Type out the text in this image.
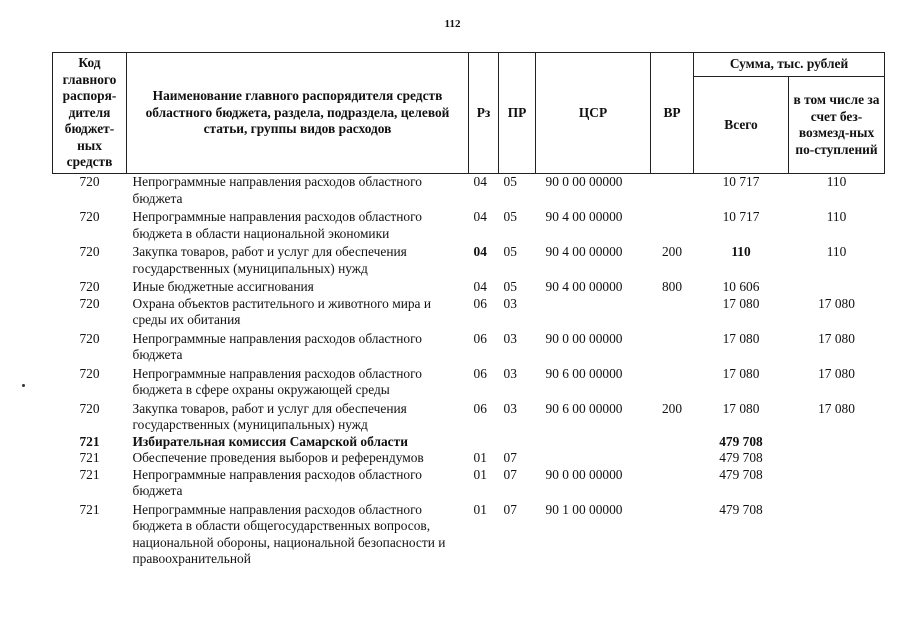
112
Код главного распоря-дителя бюджет-ных средств	Наименование главного распорядителя средств областного бюджета, раздела, подраздела, целевой статьи, группы видов расходов	Рз	ПР	ЦСР	ВР	Сумма, тыс. рублей	
						Всего	в том числе за счет без-возмезд-ных по-ступлений
720	Непрограммные направления расходов областного бюджета	04	05	90 0 00 00000		10 717	110
720	Непрограммные направления расходов областного бюджета в области национальной экономики	04	05	90 4 00 00000		10 717	110
720	Закупка товаров, работ и услуг для обеспечения государственных (муниципальных) нужд	04	05	90 4 00 00000	200	110	110
720	Иные бюджетные ассигнования	04	05	90 4 00 00000	800	10 606	
720	Охрана объектов растительного и животного мира и среды их обитания	06	03			17 080	17 080
720	Непрограммные направления расходов областного бюджета	06	03	90 0 00 00000		17 080	17 080
720	Непрограммные направления расходов областного бюджета в сфере охраны окружающей среды	06	03	90 6 00 00000		17 080	17 080
720	Закупка товаров, работ и услуг для обеспечения государственных (муниципальных) нужд	06	03	90 6 00 00000	200	17 080	17 080
721	Избирательная комиссия Самарской области					479 708	
721	Обеспечение проведения выборов и референдумов	01	07			479 708	
721	Непрограммные направления расходов областного бюджета	01	07	90 0 00 00000		479 708	
721	Непрограммные направления расходов областного бюджета в области общегосударственных вопросов, национальной обороны, национальной безопасности и правоохранительной	01	07	90 1 00 00000		479 708	
